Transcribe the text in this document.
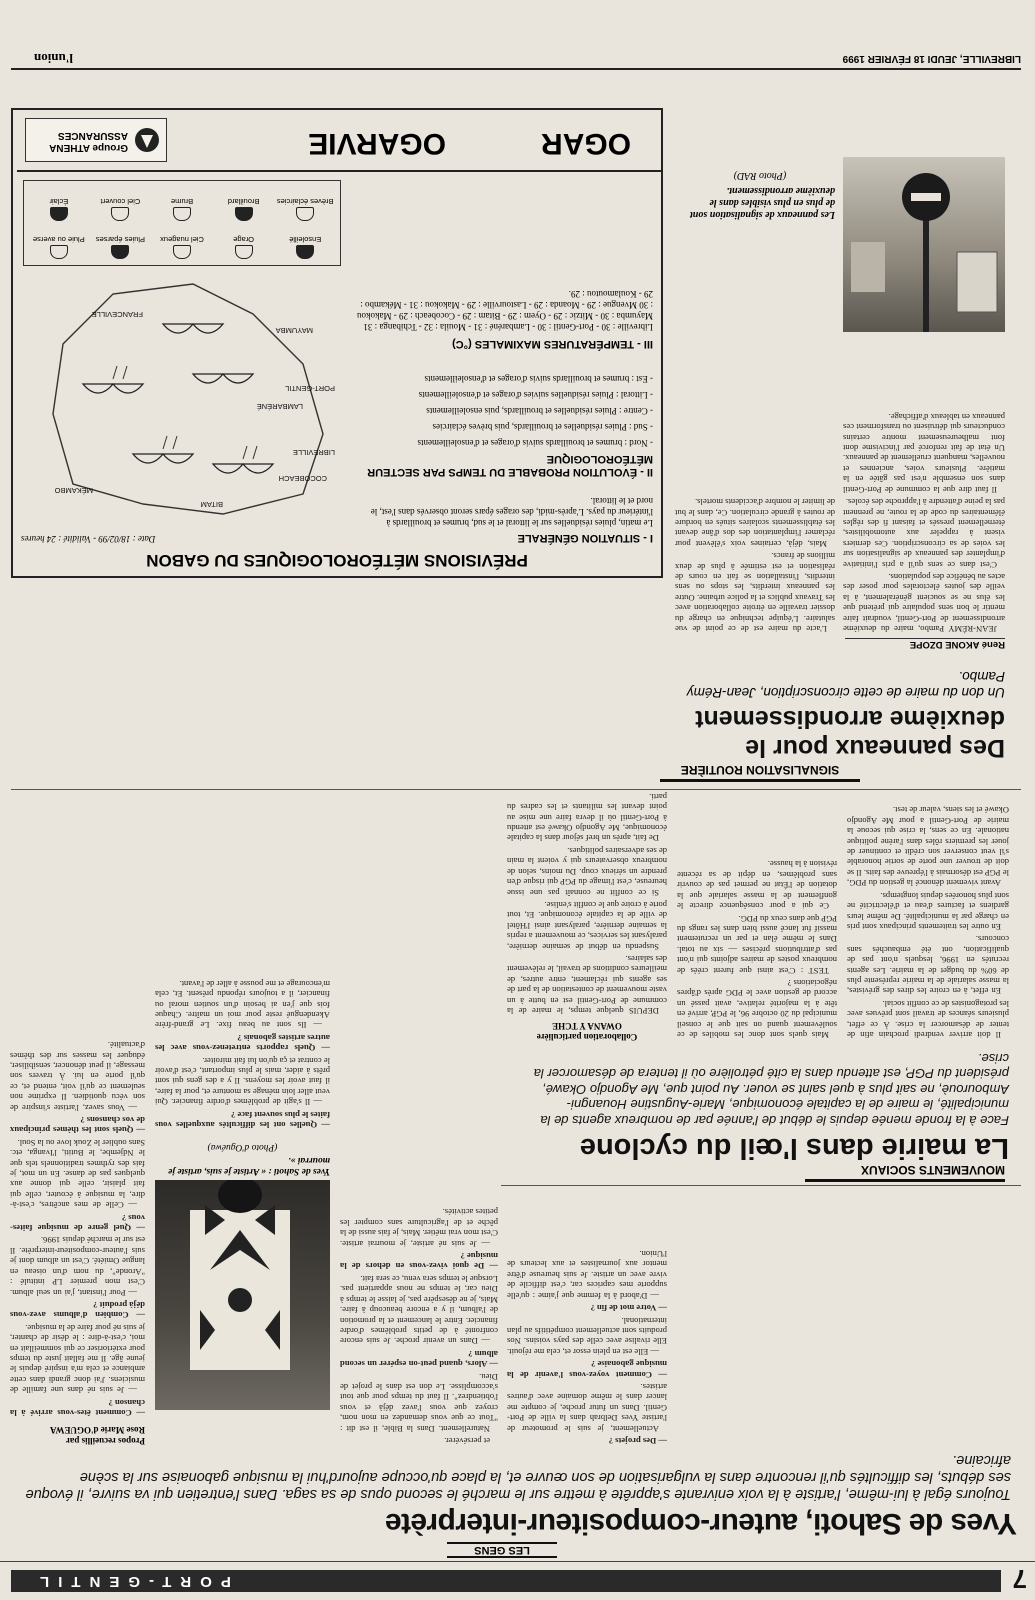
7
PORT-GENTIL
LES GENS
Yves de Sahoti, auteur-compositeur-interprète
Toujours égal à lui-même, l'artiste à la voix enivrante s'apprête à mettre sur le marché le second opus de sa saga. Dans l'entretien qui va suivre, il évoque ses débuts, les difficultés qu'il rencontre dans la vulgarisation de son œuvre et, la place qu'occupe aujourd'hui la musique gabonaise sur la scène africaine.
Propos recueillis par
Rose Marie d'OGUEWA

— Comment êtes-vous arrivé à la chanson ?

— Je suis né dans une famille de musiciens. J'ai donc grandi dans cette ambiance et cela m'a inspiré depuis le jeune âge. Il me fallait juste du temps pour extérioriser ce qui sommeillait en moi, c'est-à-dire : le désir de chanter, je suis né pour faire de la musique.

— Combien d'albums avez-vous déjà produit ?

— Pour l'instant, j'ai un seul album. C'est mon premier LP intitulé : "Aronde", du nom d'un oiseau en langue Omiété. C'est un album dont je suis l'auteur-compositeur-interprète. Il est sur le marché depuis 1996.

— Quel genre de musique faites-vous ?

— Celle de mes ancêtres, c'est-à-dire, la musique à écouter, celle qui fait plaisir, celle qui donne aux quelques pas de danse. En un mot, je fais des rythmes traditionnels tels que le Ndjembe, le Butiti, l'Ivanga, etc. Sans oublier le Zouk love ou la Soul.

— Quels sont les thèmes principaux de vos chansons ?

— Vous savez, l'artiste s'inspire de son vécu quotidien. Il exprime non seulement ce qu'il voit, entend et, ce qu'il porte en lui. À travers son message, il peut dénoncer, sensibiliser, éduquer les masses sur des thèmes d'actualité.

Yves de Sahoti : « Artiste je suis, artiste je mourrai ».
(Photo d'Oguéwa)

— Quelles ont les difficultés auxquelles vous faites le plus souvent face ?

— Il s'agit de problèmes d'ordre financier. Qui veut aller loin ménage sa monture et, pour la faire, il faut avoir les moyens. Il y a des gens qui sont prêts à aider, mais le plus important, c'est d'avoir le contrat et ça qu'on lui fait miroiter.

— Quels rapports entretenez-vous avec les autres artistes gabonais ?

— Ils sont au beau fixe. Le grand-frère Akendengué reste pour moi un maître. Chaque fois que j'en ai besoin d'un soutien moral ou financier, il a toujours répondu présent. Et, cela m'encourage et me pousse à aller de l'avant.

et persévérer.

Naturellement. Dans la Bible, il est dit : "Tout ce que vous demandez en mon nom, croyez que vous l'avez déjà et vous l'obtiendrez". Il faut du temps pour que tout s'accomplisse. Le don est dans le projet de Dieu.

— Alors, quand peut-on espérer un second album ?

— Dans un avenir proche. Je suis encore confronté à de petits problèmes d'ordre financier. Entre le lancement et la promotion de l'album, il y a encore beaucoup à faire. Mais, je ne désespère pas, je laisse le temps à Dieu car, le temps ne nous appartient pas. Lorsque le temps sera venu, ce sera fait.

— De quoi vivez-vous en dehors de la musique ?

— Je suis né artiste, je mourrai artiste. C'est mon vrai métier. Mais, je fais aussi de la pêche et de l'agriculture sans compter les petites activités.

— Des projets ?

Actuellement, je suis le promoteur de l'artiste Yves Delbrah dans la ville de Port-Gentil. Dans un futur proche, je compte me lancer dans le même domaine avec d'autres artistes.

— Comment voyez-vous l'avenir de la musique gabonaise ?

— Elle est en plein essor et, cela me réjouit. Elle rivalise avec celle des pays voisins. Nos produits sont actuellement compétitifs au plan international.

— Votre mot de fin ?

— D'abord à la femme que j'aime : qu'elle supporte mes caprices car, c'est difficile de vivre avec un artiste. Je suis heureuse d'être mentor aux journalistes et aux lecteurs de l'Union.

MOUVEMENTS SOCIAUX
La mairie dans l'œil du cyclone
Face à la fronde menée depuis le début de l'année par de nombreux agents de la municipalité, le maire de la capitale économique, Marie-Augustine Houangni-Ambourouè, ne sait plus à quel saint se vouer. Au point que, Me Agondjo Okawé, président du PGP, est attendu dans la cité pétrolière où il tentera de désamorcer la crise.
Collaboration particulière
OWANA Y TCHE

DEPUIS quelque temps, le maire de la commune de Port-Gentil est en butte à un vaste mouvement de contestation de la part de ses agents qui réclament, entre autres, de meilleures conditions de travail, le relèvement des salaires.

Suspendu en début de semaine dernière, paralysant les services, ce mouvement a repris la semaine dernière, paralysant ainsi l'Hôtel de ville de la capitale économique. Et, tout porte à croire que le conflit s'enlise.

Si ce conflit ne connaît pas une issue heureuse, c'est l'image du PGP qui risque d'en prendre un sérieux coup. Du moins, selon de nombreux observateurs qui y voient la main de ses adversaires politiques.

De fait, après un bref séjour dans la capitale économique, Me Agondjo Okawé est attendu à Port-Gentil où il devra faire une mise au point devant les militants et les cadres du parti.

Mais quels sont donc les mobiles de ce soulèvement quand on sait que le conseil municipal du 20 octobre 96, le PGP, arrivé en tête à la majorité relative, avait passé un accord de gestion avec le PDG après d'âpres négociations ?

TEST : C'est ainsi que furent créés de nombreux postes de maires adjoints qui n'ont pas d'attributions précises — six au total. Dans le même élan et par un recrutement massif fut lancé aussi bien dans les rangs du PGP que dans ceux du PDG.

Ce qui a pour conséquence directe le gonflement de la masse salariale que la dotation de l'État ne permet pas de couvrir sans problèmes, en dépit de sa récente révision à la hausse.

Il doit arriver vendredi prochain afin de tenter de désamorcer la crise. À ce effet, plusieurs séances de travail sont prévues avec les protagonistes de ce conflit social.

En effet, à en croire les dires des grévistes, la masse salariale de la mairie représente plus de 60% du budget de la mairie. Les agents recrutés en 1996, lesquels n'ont pas de qualification, ont été embauchés sans concours.

En outre les traitements principaux sont pris en charge par la municipalité. De même leurs gardiens et factures d'eau et d'électricité ne sont plus honorées depuis longtemps.

Avant vivement dénoncé la gestion du PDG, le PGP est désormais à l'épreuve des faits. Il se doit de trouver une porte de sortie honorable s'il veut conserver son crédit et continuer de jouer les premiers rôles dans l'arène politique nationale. En ce sens, la crise qui secoue la mairie de Port-Gentil a pour Me Agondjo Okawé et les siens, valeur de test.

SIGNALISATION ROUTIÈRE
Des panneaux pour le deuxième arrondissement
Un don du maire de cette circonscription, Jean-Rémy Pambo.
René AKONE DZOPE

JEAN-RÉMY Pambo, maire du deuxième arrondissement de Port-Gentil, voudrait faire mentir le bon sens populaire qui prétend que les élus ne se soucient généralement, à la veille des joutes électorales pour poser des actes au bénéfice des populations.

C'est dans ce sens qu'il a pris l'initiative d'implanter des panneaux de signalisation sur les voies de sa circonscription. Ces derniers visent à rappeler aux automobilistes, éternellement pressés et faisant fi des règles élémentaires du code de la route, ne prennent pas la peine d'attendre à l'approche des écoles.

Il faut dire que la commune de Port-Gentil dans son ensemble n'est pas gâtée en la matière. Plusieurs voies, anciennes et nouvelles, manquent cruellement de panneaux. Un état de fait renforcé par l'incivisme dont font malheureusement montre certains conducteurs qui détruisent ou transforment ces panneaux en tableaux d'affichage.

Les panneaux de signalisation sont de plus en plus visibles dans le deuxième arrondissement.
(Photo RAD)

L'acte du maire est de ce point de vue salutaire. L'équipe technique en charge du dossier travaille en étroite collaboration avec les Travaux publics et la police urbaine. Outre les panneaux interdits, les stops ou sens interdits, l'installation se fait en cours de réalisation et est estimée à plus de deux millions de francs.

Mais, déjà, certaines voix s'élèvent pour réclamer l'implantation des dos d'âne devant les établissements scolaires situés en bordure de routes à grande circulation. Ce, dans le but de limiter le nombre d'accidents mortels.

PRÉVISIONS MÉTÉOROLOGIQUES DU GABON
Date : 18/02/99 - Validité : 24 heures	I - SITUATION GÉNÉRALE
Le matin, pluies résiduelles sur le littoral et le sud, brumes et brouillards à l'intérieur du pays. L'après-midi, des orages épars seront observés dans l'est, le nord et le littoral.
II - ÉVOLUTION PROBABLE DU TEMPS PAR SECTEUR MÉTÉOROLOGIQUE
- Nord : brumes et brouillards suivis d'orages et d'ensoleillements
- Sud : Pluies résiduelles et brouillards, puis brèves éclaircies
- Centre : Pluies résiduelles et brouillards, puis ensoleillements
- Littoral : Pluies résiduelles suivies d'orages et d'ensoleillements
- Est : brumes et brouillards suivis d'orages et d'ensoleillements
III - TEMPÉRATURES MAXIMALES (°C)
Libreville : 30 - Port-Gentil : 30 - Lambaréné : 31 - Mouila : 32 - Tchibanga : 31 Mayumba : 30 - Mitzic : 29 - Oyem : 29 - Bitam : 29 - Cocobeach : 29 - Makokou : 30 Mvengue : 29 - Moanda : 29 - Lastourville : 29 - Makokou : 31 - Mékambo : 29 - Koulamoutou : 29.
BITAM
COCOBEACH
MÉKAMBO
LIBREVILLE
LAMBARÉNÉ
PORT-GENTIL
FRANCEVILLE
MAYUMBA
Ensoleillé
Orage
Ciel nuageux
Pluies éparses
Pluie ou averse
Brèves éclaircies
Brouillard
Brume
Ciel couvert
Éclair
OGAR
OGARVIE
Groupe ATHENA ASSURANCES
LIBREVILLE, JEUDI 18 FÉVRIER 1999
l'union
